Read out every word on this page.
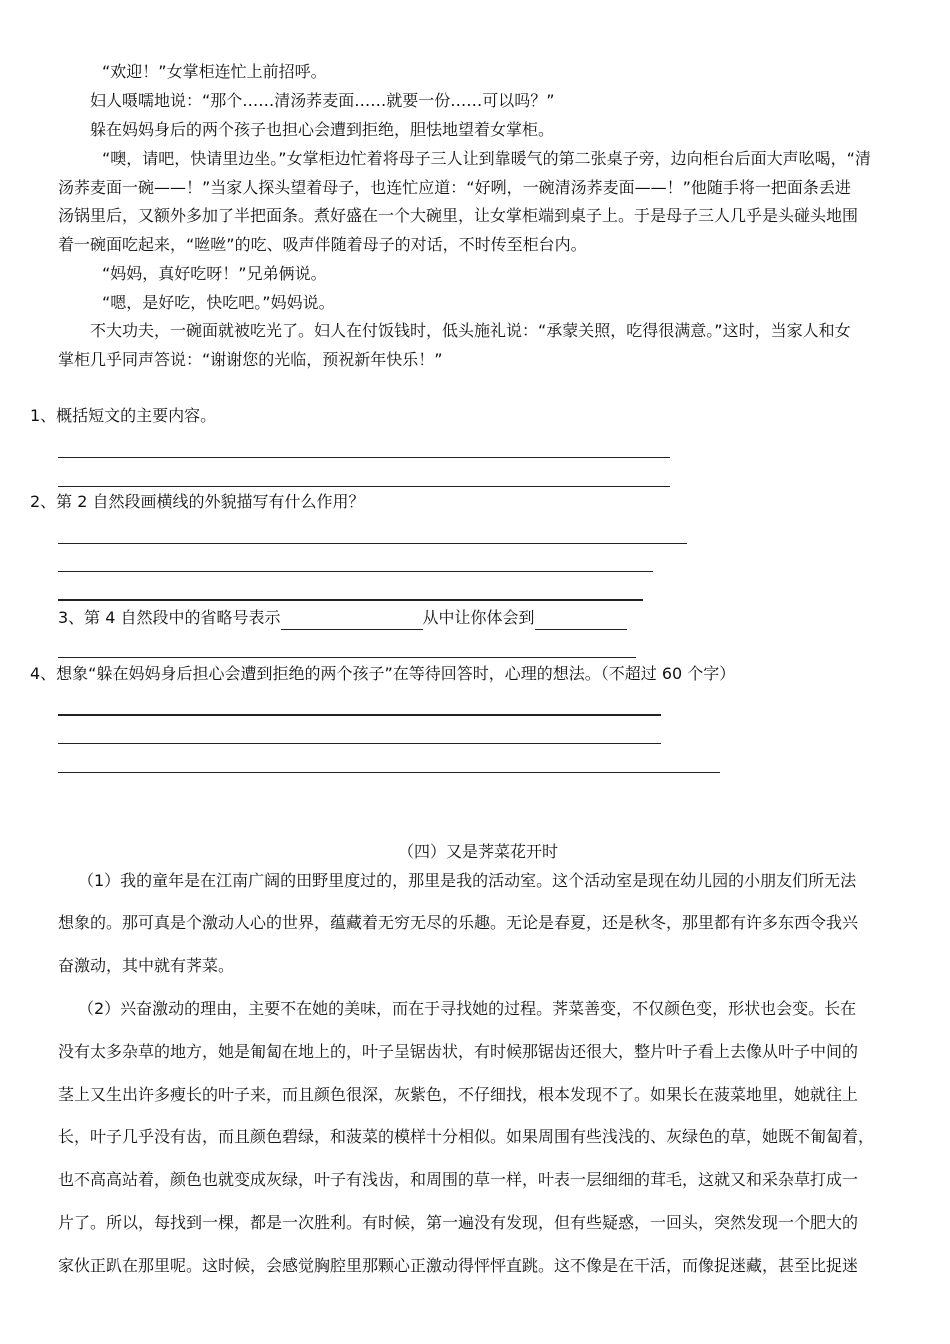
“欢迎！”女掌柜连忙上前招呼。

妇人嗫嚅地说：“那个……清汤荞麦面……就要一份……可以吗？”

躲在妈妈身后的两个孩子也担心会遭到拒绝，胆怯地望着女掌柜。

“噢，请吧，快请里边坐。”女掌柜边忙着将母子三人让到靠暖气的第二张桌子旁，边向柜台后面大声吆喝，“清

汤荞麦面一碗——！”当家人探头望着母子，也连忙应道：“好咧，一碗清汤荞麦面——！”他随手将一把面条丢进

汤锅里后，又额外多加了半把面条。煮好盛在一个大碗里，让女掌柜端到桌子上。于是母子三人几乎是头碰头地围

着一碗面吃起来，“咝咝”的吃、吸声伴随着母子的对话，不时传至柜台内。

“妈妈，真好吃呀！”兄弟俩说。

“嗯，是好吃，快吃吧。”妈妈说。

不大功夫，一碗面就被吃光了。妇人在付饭钱时，低头施礼说：“承蒙关照，吃得很满意。”这时，当家人和女

掌柜几乎同声答说：“谢谢您的光临，预祝新年快乐！”

1、概括短文的主要内容。

2、第 2 自然段画横线的外貌描写有什么作用？

3、第 4 自然段中的省略号表示	从中让你体会到

4、想象“躲在妈妈身后担心会遭到拒绝的两个孩子”在等待回答时，心理的想法。（不超过 60 个字）

（四）又是荠菜花开时

（1）我的童年是在江南广阔的田野里度过的，那里是我的活动室。这个活动室是现在幼儿园的小朋友们所无法

想象的。那可真是个激动人心的世界，蕴藏着无穷无尽的乐趣。无论是春夏，还是秋冬，那里都有许多东西令我兴

奋激动，其中就有荠菜。

（2）兴奋激动的理由，主要不在她的美味，而在于寻找她的过程。荠菜善变，不仅颜色变，形状也会变。长在

没有太多杂草的地方，她是匍匐在地上的，叶子呈锯齿状，有时候那锯齿还很大，整片叶子看上去像从叶子中间的

茎上又生出许多瘦长的叶子来，而且颜色很深，灰紫色，不仔细找，根本发现不了。如果长在菠菜地里，她就往上

长，叶子几乎没有齿，而且颜色碧绿，和菠菜的模样十分相似。如果周围有些浅浅的、灰绿色的草，她既不匍匐着，

也不高高站着，颜色也就变成灰绿，叶子有浅齿，和周围的草一样，叶表一层细细的茸毛，这就又和采杂草打成一

片了。所以，每找到一棵，都是一次胜利。有时候，第一遍没有发现，但有些疑惑，一回头，突然发现一个肥大的

家伙正趴在那里呢。这时候，会感觉胸腔里那颗心正激动得怦怦直跳。这不像是在干活，而像捉迷藏，甚至比捉迷
